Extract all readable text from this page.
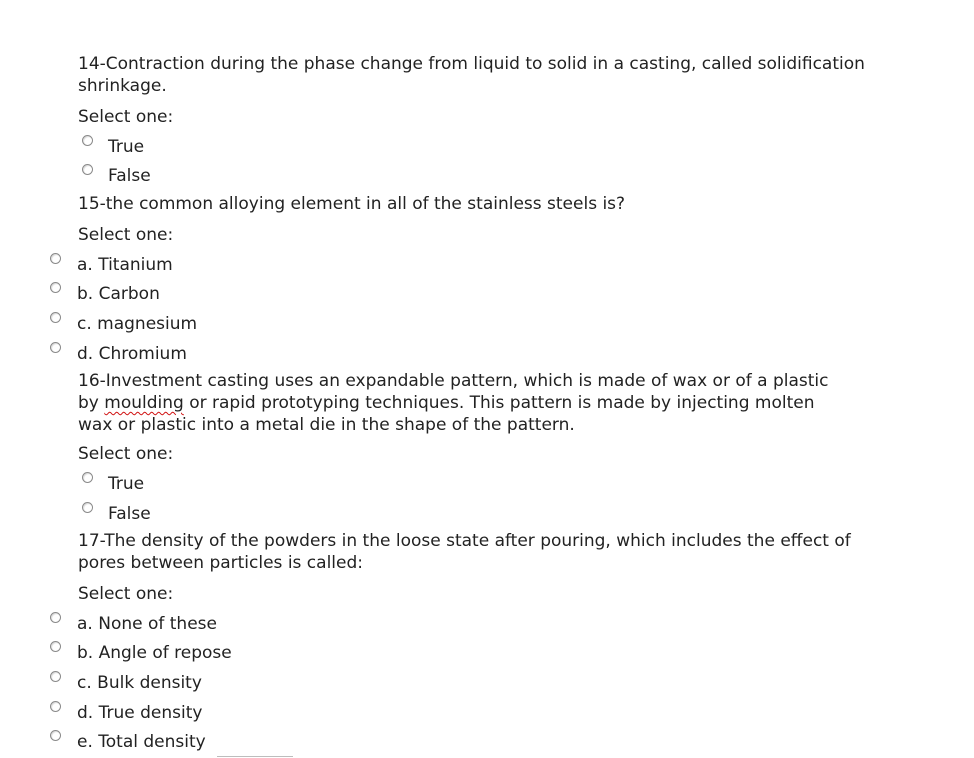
14-Contraction during the phase change from liquid to solid in a casting, called solidification shrinkage.
Select one:
True
False
15-the common alloying element in all of the stainless steels is?
Select one:
a. Titanium
b. Carbon
c. magnesium
d. Chromium
16-Investment casting uses an expandable pattern, which is made of wax or of a plastic
by moulding or rapid prototyping techniques. This pattern is made by injecting molten
wax or plastic into a metal die in the shape of the pattern.
Select one:
True
False
17-The density of the powders in the loose state after pouring, which includes the effect of pores between particles is called:
Select one:
a. None of these
b. Angle of repose
c. Bulk density
d. True density
e. Total density
